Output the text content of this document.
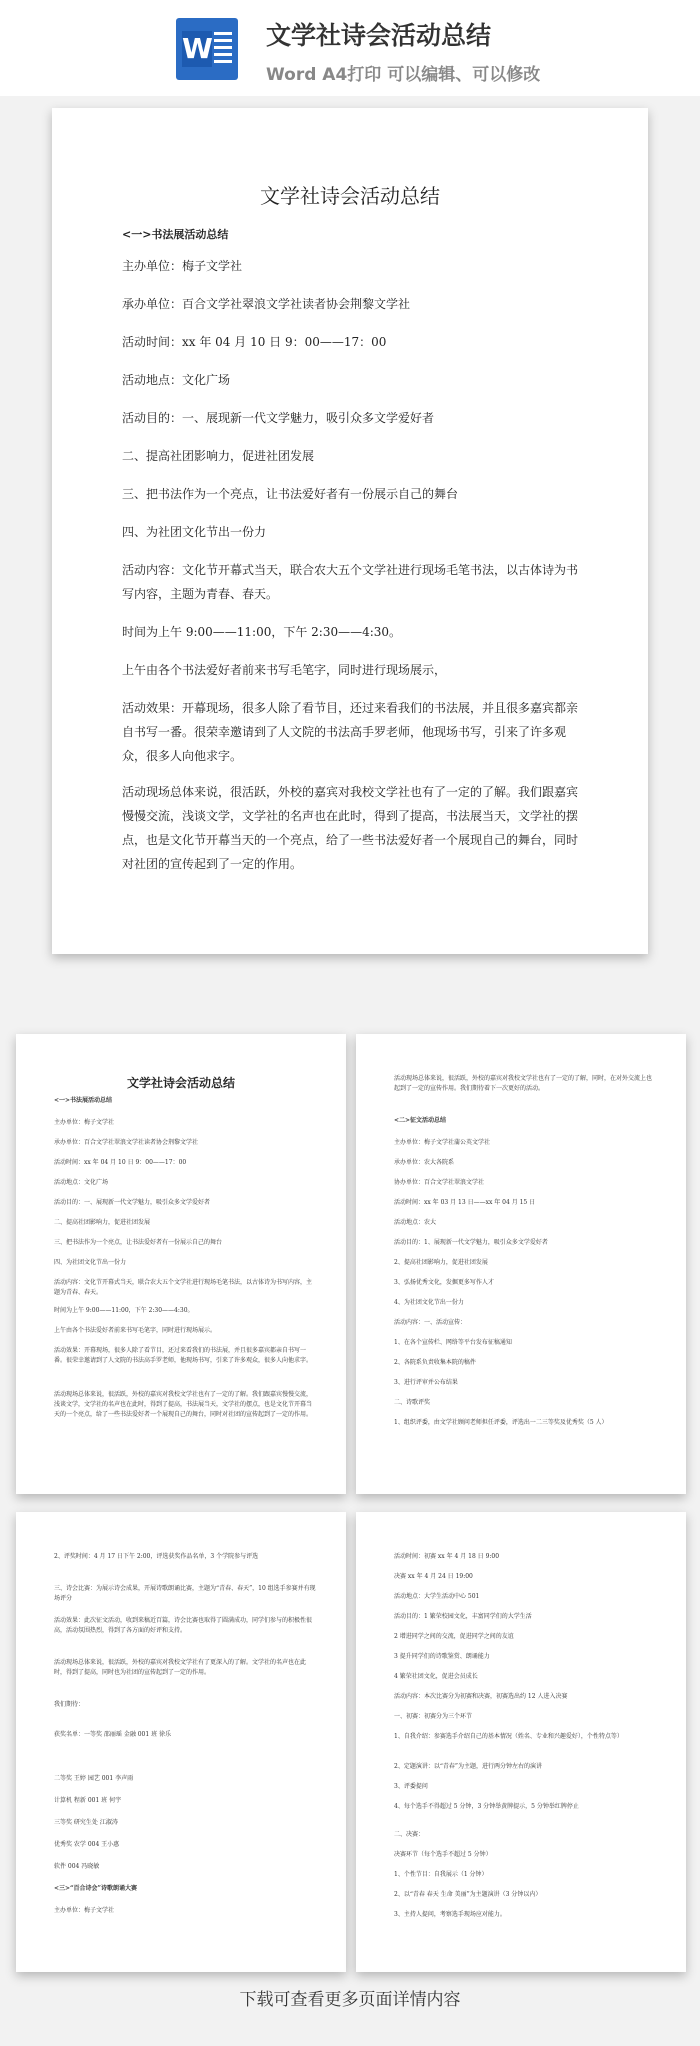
W 文学社诗会活动总结
Word A4打印 可以编辑、可以修改
文学社诗会活动总结
<一>书法展活动总结

主办单位：梅子文学社

承办单位：百合文学社翠浪文学社读者协会荆黎文学社

活动时间：xx 年 04 月 10 日 9：00——17：00

活动地点：文化广场

活动目的：一、展现新一代文学魅力，吸引众多文学爱好者

二、提高社团影响力，促进社团发展

三、把书法作为一个亮点，让书法爱好者有一份展示自己的舞台

四、为社团文化节出一份力

活动内容：文化节开幕式当天，联合农大五个文学社进行现场毛笔书法，以古体诗为书写内容，主题为青春、春天。

时间为上午 9:00——11:00，下午 2:30——4:30。

上午由各个书法爱好者前来书写毛笔字，同时进行现场展示，

活动效果：开幕现场，很多人除了看节目，还过来看我们的书法展，并且很多嘉宾都亲自书写一番。很荣幸邀请到了人文院的书法高手罗老师，他现场书写，引来了许多观众，很多人向他求字。

活动现场总体来说，很活跃，外校的嘉宾对我校文学社也有了一定的了解。我们跟嘉宾慢慢交流，浅谈文学，文学社的名声也在此时，得到了提高，书法展当天，文学社的摆点，也是文化节开幕当天的一个亮点，给了一些书法爱好者一个展现自己的舞台，同时对社团的宣传起到了一定的作用。

文学社诗会活动总结

<一>书法展活动总结

主办单位：梅子文学社

承办单位：百合文学社翠浪文学社读者协会荆黎文学社

活动时间：xx 年 04 月 10 日 9：00——17：00

活动地点：文化广场

活动目的：一、展现新一代文学魅力，吸引众多文学爱好者

二、提高社团影响力，促进社团发展

三、把书法作为一个亮点，让书法爱好者有一份展示自己的舞台

四、为社团文化节出一份力

活动内容：文化节开幕式当天，联合农大五个文学社进行现场毛笔书法，以古体诗为书写内容，主题为青春、春天。

时间为上午 9:00——11:00，下午 2:30——4:30。

上午由各个书法爱好者前来书写毛笔字，同时进行现场展示。

活动效果：开幕现场，很多人除了看节目，还过来看我们的书法展，并且很多嘉宾都亲自书写一番。很荣幸邀请到了人文院的书法高手罗老师，他现场书写，引来了许多观众，很多人向他求字。

活动现场总体来说，很活跃，外校的嘉宾对我校文学社也有了一定的了解。我们跟嘉宾慢慢交流，浅谈文学，文学社的名声也在此时，得到了提高，书法展当天，文学社的摆点，也是文化节开幕当天的一个亮点，给了一些书法爱好者一个展现自己的舞台，同时对社团的宣传起到了一定的作用。

活动现场总体来说，很活跃，外校的嘉宾对我校文学社也有了一定的了解，同时，在对外交流上也起到了一定的宣传作用。我们期待着下一次更好的活动。

<二>征文活动总结

主办单位：梅子文学社蒲公英文学社

承办单位：农大各院系

协办单位：百合文学社翠浪文学社

活动时间：xx 年 03 月 13 日——xx 年 04 月 15 日

活动地点：农大

活动目的：1、展现新一代文学魅力，吸引众多文学爱好者

2、提高社团影响力，促进社团发展

3、弘扬优秀文化，发掘更多写作人才

4、为社团文化节出一份力

活动内容：一、活动宣传：

1、在各个宣传栏、网络等平台发布征稿通知

2、各院系负责收集本院的稿件

3、进行评审并公布结果

二、诗歌评奖

1、组织评委，由文学社顾问老师担任评委，评选出一二三等奖及优秀奖（5 人）

2、评奖时间：4 月 17 日下午 2:00，评选获奖作品名单，3 个学院参与评选

三、诗会比赛：为展示诗会成果，开展诗歌朗诵比赛，主题为“青春、春天”，10 组选手参赛并有现场评分

活动效果：此次征文活动，收到来稿近百篇，诗会比赛也取得了圆满成功，同学们参与的积极性很高，活动氛围热烈，得到了各方面的好评和支持。

活动现场总体来说，很活跃，外校的嘉宾对我校文学社有了更深入的了解。文学社的名声也在此时，得到了提高，同时也为社团的宣传起到了一定的作用。

我们期待：

获奖名单：一等奖 邵丽瑶 金融 001 班 徐乐

二等奖 王婷 园艺 001 李声雨

计算机 程新 001 班 何宇

三等奖 研究生处 江淑涛

优秀奖 农学 004 王小惠

软件 004 冯晓敏

<三>“百合诗会”诗歌朗诵大赛

主办单位：梅子文学社

活动时间：初赛 xx 年 4 月 18 日 9:00

决赛 xx 年 4 月 24 日 19:00

活动地点：大学生活动中心 501

活动目的：1 繁荣校园文化，丰富同学们的大学生活

2 增进同学之间的交流，促进同学之间的友谊

3 提升同学们的诗歌鉴赏、朗诵能力

4 繁荣社团文化，促进会员成长

活动内容：本次比赛分为初赛和决赛，初赛选出约 12 人进入决赛

一、初赛：初赛分为三个环节

1、自我介绍：参赛选手介绍自己的基本情况（姓名、专业和兴趣爱好），个性特点等）

2、定题演讲：以“青春”为主题，进行两分钟左右的演讲

3、评委提问

4、每个选手不得超过 5 分钟，3 分钟举黄牌提示，5 分钟举红牌停止

二、决赛：

决赛环节（每个选手不超过 5 分钟）

1、个性节目：自我展示（1 分钟）

2、以“青春 春天 生命 美丽”为主题演讲（3 分钟以内）

3、主持人提问，考察选手现场应对能力。

下载可查看更多页面详情内容
